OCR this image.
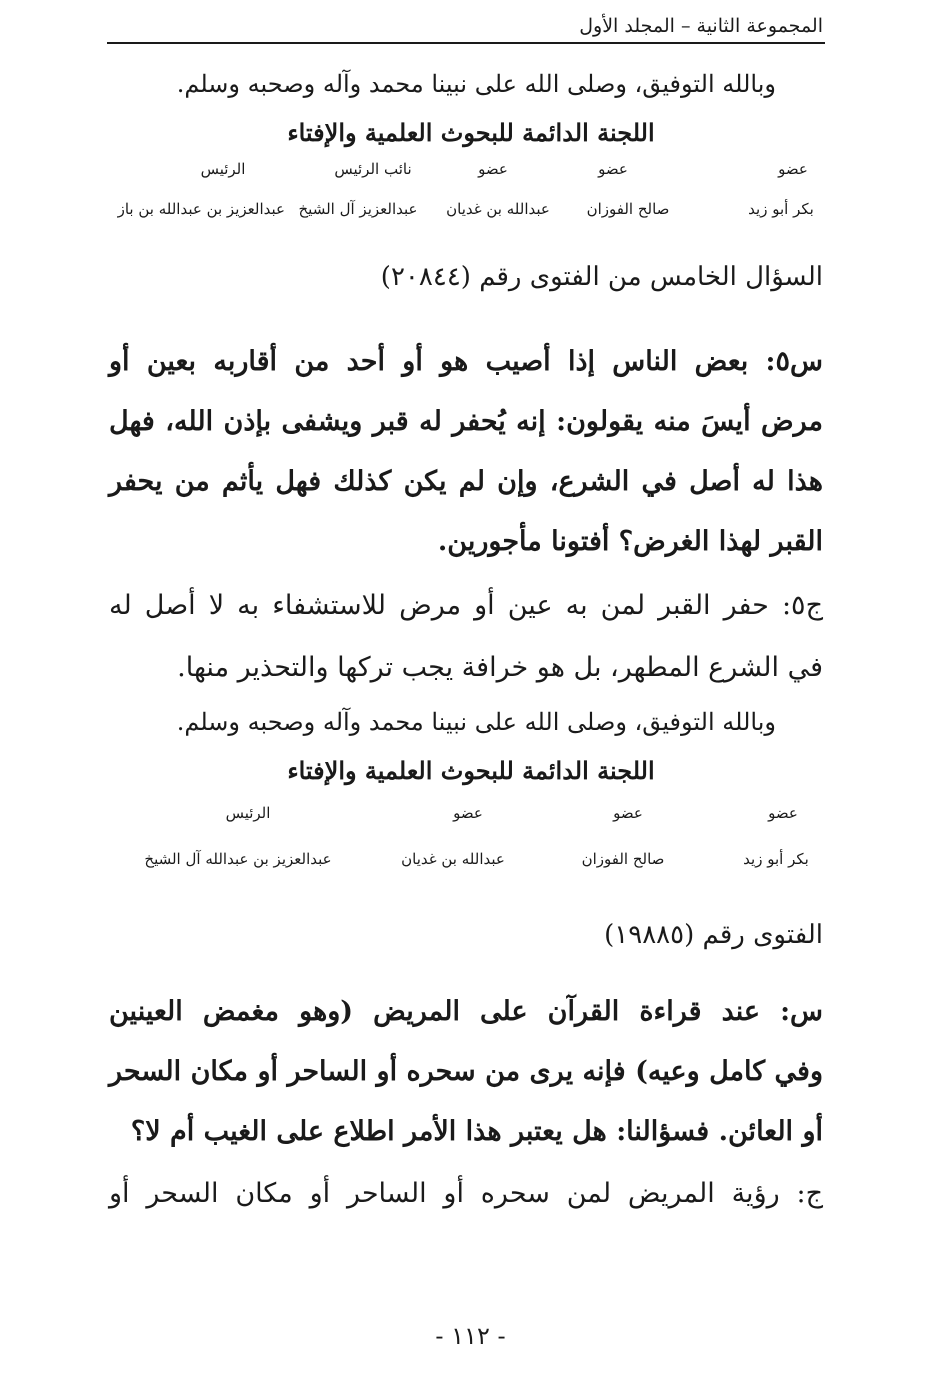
المجموعة الثانية – المجلد الأول
وبالله التوفيق، وصلى الله على نبينا محمد وآله وصحبه وسلم.
اللجنة الدائمة للبحوث العلمية والإفتاء
عضو
عضو
عضو
نائب الرئيس
الرئيس
بكر أبو زيد
صالح الفوزان
عبدالله بن غديان
عبدالعزيز آل الشيخ
عبدالعزيز بن عبدالله بن باز
السؤال الخامس من الفتوى رقم (٢٠٨٤٤)
س٥: بعض الناس إذا أصيب هو أو أحد من أقاربه بعين أو
مرض أيسَ منه يقولون: إنه يُحفر له قبر ويشفى بإذن الله، فهل
هذا له أصل في الشرع، وإن لم يكن كذلك فهل يأثم من يحفر
القبر لهذا الغرض؟ أفتونا مأجورين.
ج٥: حفر القبر لمن به عين أو مرض للاستشفاء به لا أصل له
في الشرع المطهر، بل هو خرافة يجب تركها والتحذير منها.
وبالله التوفيق، وصلى الله على نبينا محمد وآله وصحبه وسلم.
اللجنة الدائمة للبحوث العلمية والإفتاء
عضو
عضو
عضو
الرئيس
بكر أبو زيد
صالح الفوزان
عبدالله بن غديان
عبدالعزيز بن عبدالله آل الشيخ
الفتوى رقم (١٩٨٨٥)
س: عند قراءة القرآن على المريض (وهو مغمض العينين
وفي كامل وعيه) فإنه يرى من سحره أو الساحر أو مكان السحر
أو العائن. فسؤالنا: هل يعتبر هذا الأمر اطلاع على الغيب أم لا؟
ج: رؤية المريض لمن سحره أو الساحر أو مكان السحر أو
- ١١٢ -
